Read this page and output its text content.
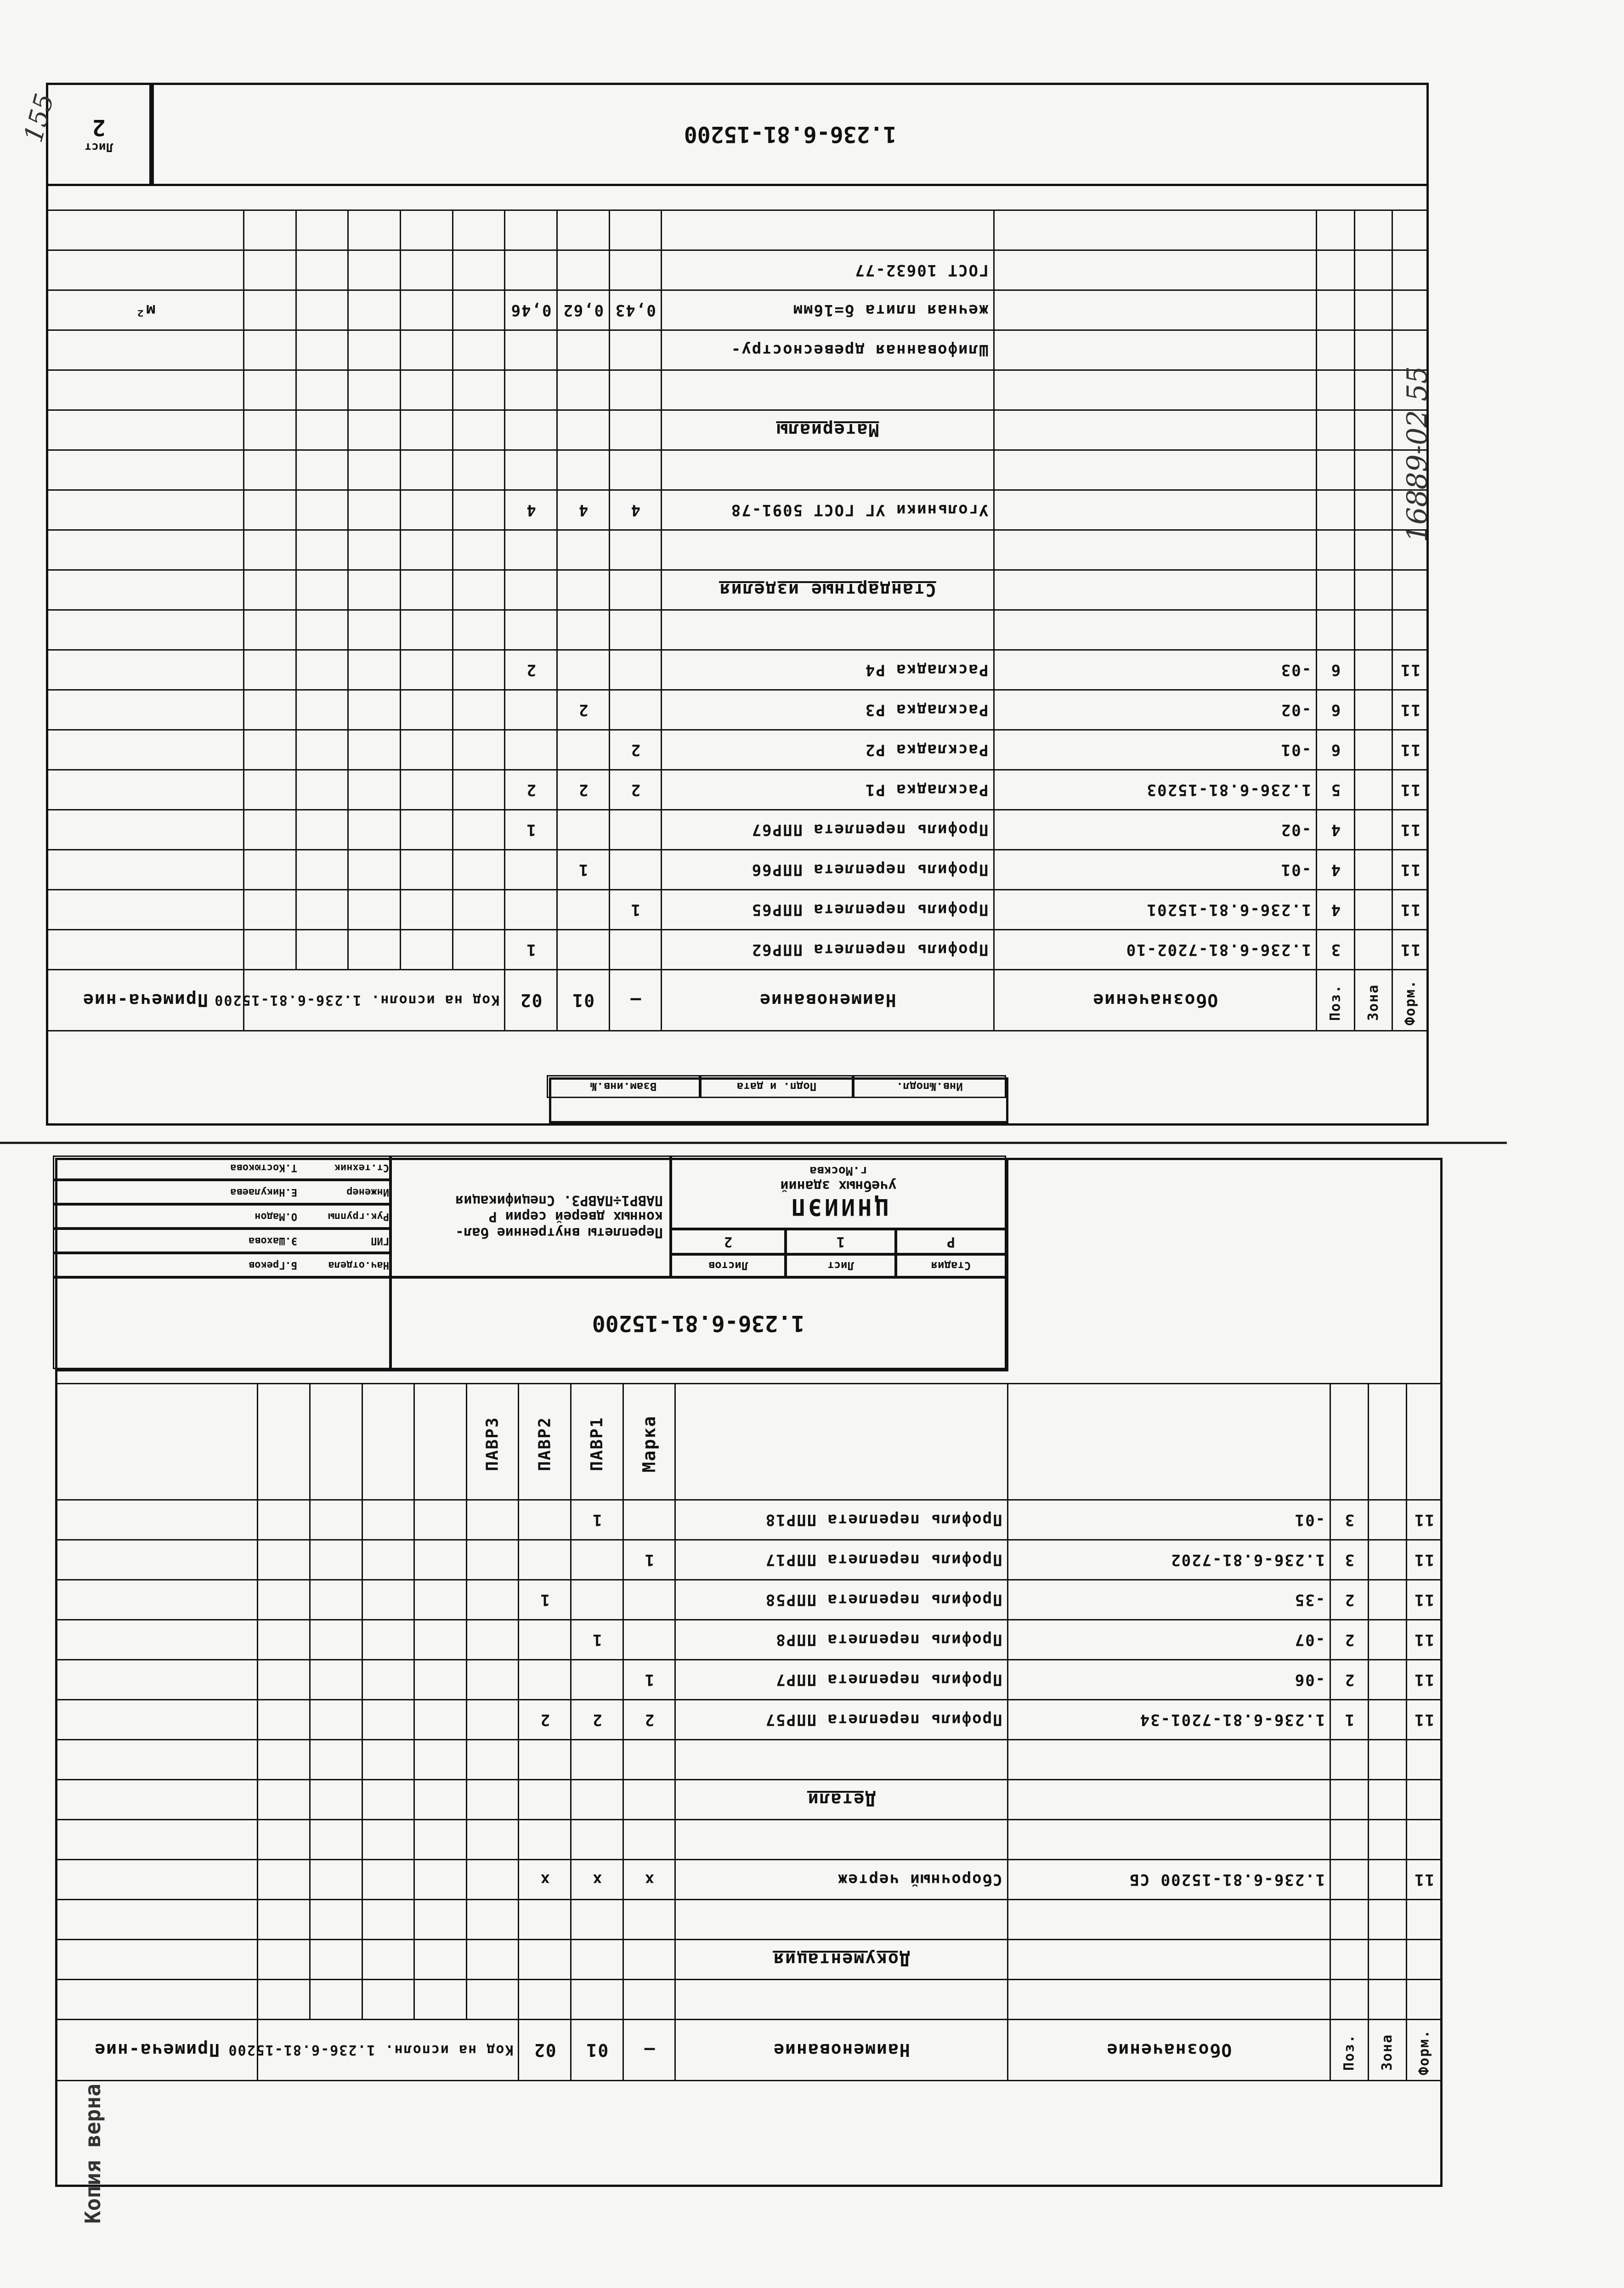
1.236-6.81-15200
Лист
2
Форм.	Зона	Поз.	Обозначение	Наименование	—	01	02	Код на исполн. 1.236-6.81-15200					Примеча-ние
11		3	1.236-6.81-7202-10	Профиль переплета ППР62			1						
11		4	1.236-6.81-15201	Профиль переплета ППР65	1								
11		4	-01	Профиль переплета ППР66		1							
11		4	-02	Профиль переплета ППР67			1						
11		5	1.236-6.81-15203	Раскладка Р1	2	2	2						
11		6	-01	Раскладка Р2	2								
11		6	-02	Раскладка Р3		2							
11		6	-03	Раскладка Р4			2						

				Стандартные изделия									

				Угольники УГ ГОСТ 5091-78	4	4	4						

				Материалы									

				Шлифованная древесностру-									
				жечная плита δ=16мм	0,43	0,62	0,46						м²
				ГОСТ 10632-77									

Инв.№подл.
Подп. и дата
Взам.инв.№
Форм.	Зона	Поз.	Обозначение	Наименование	—	01	02	Код на исполн. 1.236-6.81-15200					Примеча-ние

				Документация									

11			1.236-6.81-15200 СБ	Сборочный чертеж	х	х	х						

				Детали									

11		1	1.236-6.81-7201-34	Профиль переплета ППР57	2	2	2						
11		2	-06	Профиль переплета ППР7	1								
11		2	-07	Профиль переплета ППР8		1							
11		2	-35	Профиль переплета ППР58			1						
11		3	1.236-6.81-7202	Профиль переплета ППР17	1								
11		3	-01	Профиль переплета ППР18		1							
					Марка	ПАВР1	ПАВР2	ПАВР3					
1.236-6.81-15200
Переплеты внутренние бал-
конных дверей серии Р
ПАВР1÷ПАВР3. Спецификация
Стадия
Лист
Листов
Р
1
2
ЦНИИЭП
учебных зданий
г.Москва
Нач.отдела
Б.Греков
ГИП
Э.Шахова
Рук.группы
О.Мадон
Инженер
Е.Никулаева
Ст.техник
Т.Костюкова
Копия верна
16889-02 55
155
